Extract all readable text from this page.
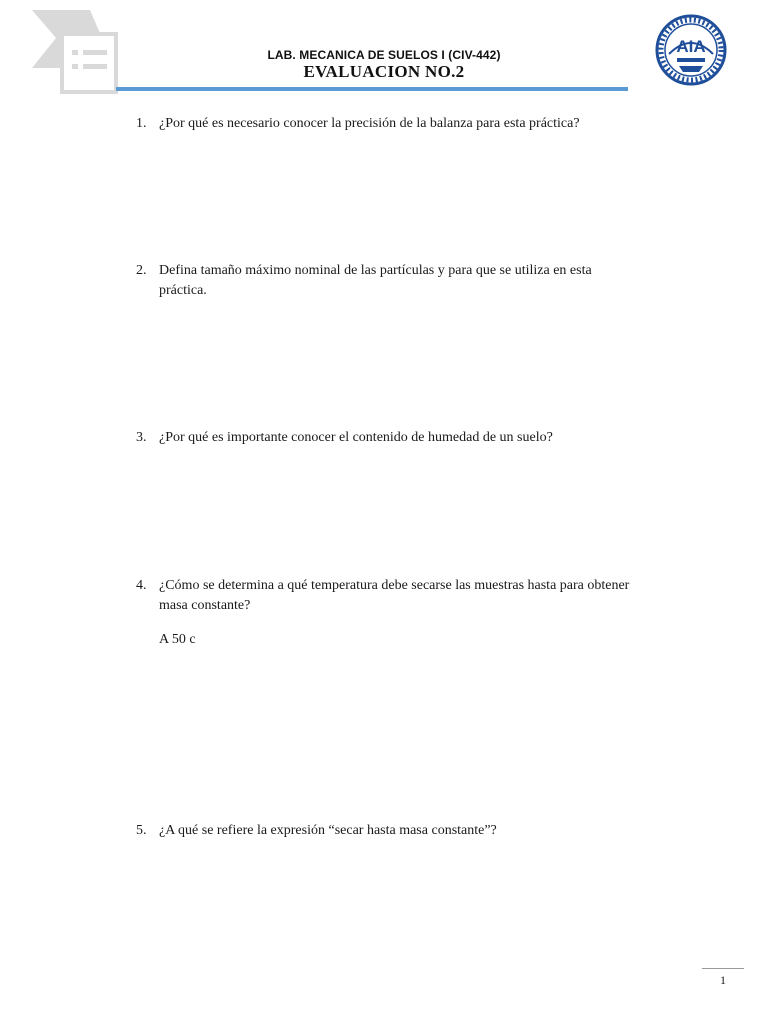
LAB. MECANICA DE SUELOS I (CIV-442)
EVALUACION NO.2
AIA
1. ¿Por qué es necesario conocer la precisión de la balanza para esta práctica?
2. Defina tamaño máximo nominal de las partículas y para que se utiliza en esta práctica.
3. ¿Por qué es importante conocer el contenido de humedad de un suelo?
4. ¿Cómo se determina a qué temperatura debe secarse las muestras hasta para obtener masa constante?
A 50 c
5. ¿A qué se refiere la expresión “secar hasta masa constante”?
1
